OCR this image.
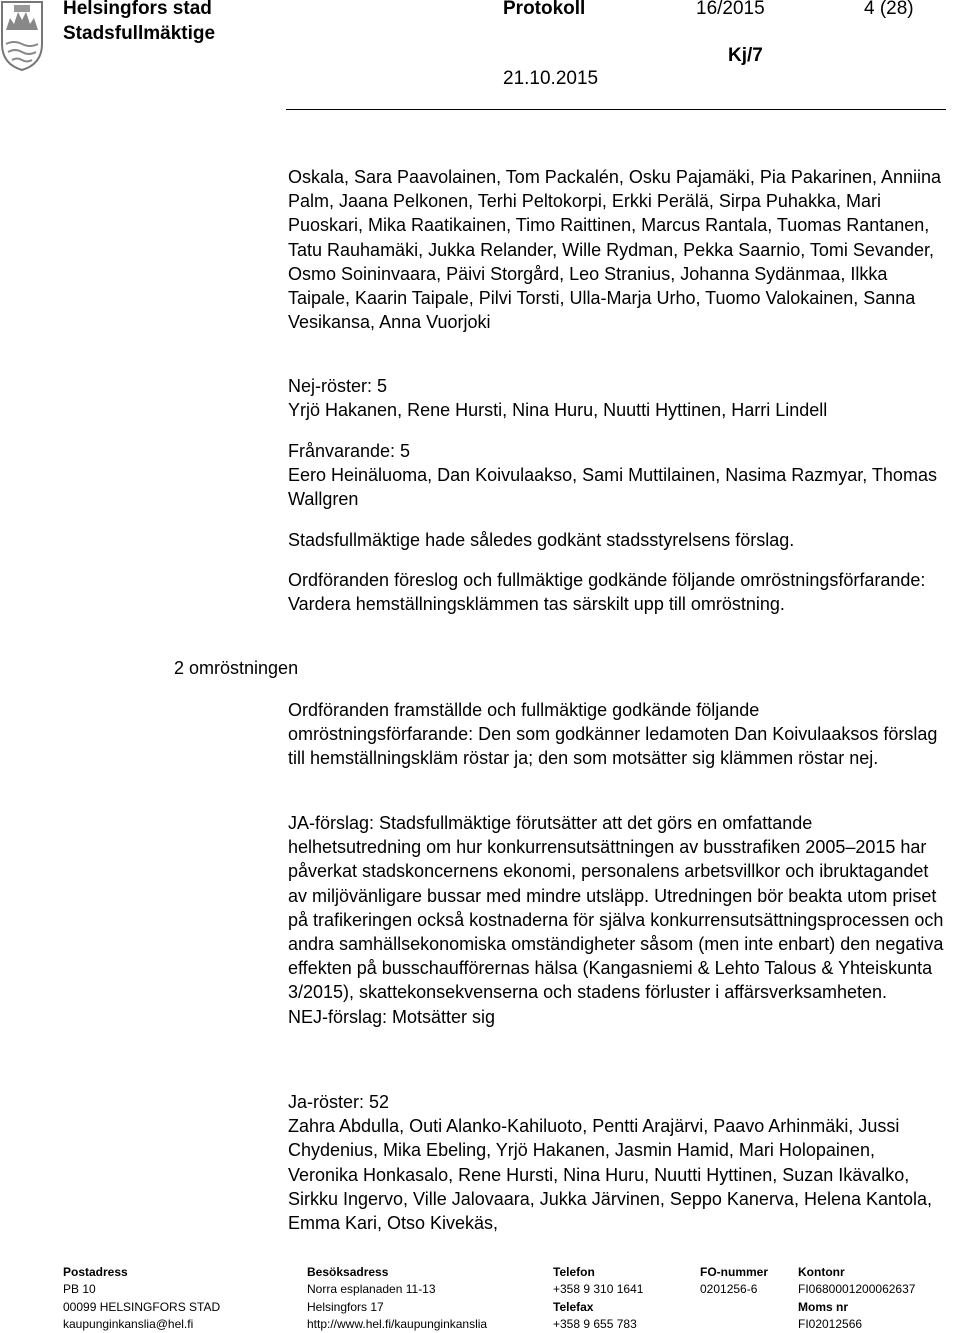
Helsingfors stad
Stadsfullmäktige
Protokoll	16/2015	4 (28)
Kj/7
21.10.2015
2 omröstningen

Oskala, Sara Paavolainen, Tom Packalén, Osku Pajamäki, Pia Pakarinen, Anniina Palm, Jaana Pelkonen, Terhi Peltokorpi, Erkki Perälä, Sirpa Puhakka, Mari Puoskari, Mika Raatikainen, Timo Raittinen, Marcus Rantala, Tuomas Rantanen, Tatu Rauhamäki, Jukka Relander, Wille Rydman, Pekka Saarnio, Tomi Sevander, Osmo Soininvaara, Päivi Storgård, Leo Stranius, Johanna Sydänmaa, Ilkka Taipale, Kaarin Taipale, Pilvi Torsti, Ulla-Marja Urho, Tuomo Valokainen, Sanna Vesikansa, Anna Vuorjoki

Nej-röster: 5

Yrjö Hakanen, Rene Hursti, Nina Huru, Nuutti Hyttinen, Harri Lindell

Frånvarande: 5

Eero Heinäluoma, Dan Koivulaakso, Sami Muttilainen, Nasima Razmyar, Thomas Wallgren

Stadsfullmäktige hade således godkänt stadsstyrelsens förslag.

Ordföranden föreslog och fullmäktige godkände följande omröstningsförfarande: Vardera hemställningsklämmen tas särskilt upp till omröstning.

Ordföranden framställde och fullmäktige godkände följande omröstningsförfarande: Den som godkänner ledamoten Dan Koivulaaksos förslag till hemställningskläm röstar ja; den som motsätter sig klämmen röstar nej.

JA-förslag: Stadsfullmäktige förutsätter att det görs en omfattande helhetsutredning om hur konkurrensutsättningen av busstrafiken 2005–2015 har påverkat stadskoncernens ekonomi, personalens arbetsvillkor och ibruktagandet av miljövänligare bussar med mindre utsläpp. Utredningen bör beakta utom priset på trafikeringen också kostnaderna för själva konkurrensutsättningsprocessen och andra samhällsekonomiska omständigheter såsom (men inte enbart) den negativa effekten på busschaufförernas hälsa (Kangasniemi & Lehto Talous & Yhteiskunta 3/2015), skattekonsekvenserna och stadens förluster i affärsverksamheten.

NEJ-förslag: Motsätter sig

Ja-röster: 52

Zahra Abdulla, Outi Alanko-Kahiluoto, Pentti Arajärvi, Paavo Arhinmäki, Jussi Chydenius, Mika Ebeling, Yrjö Hakanen, Jasmin Hamid, Mari Holopainen, Veronika Honkasalo, Rene Hursti, Nina Huru, Nuutti Hyttinen, Suzan Ikävalko, Sirkku Ingervo, Ville Jalovaara, Jukka Järvinen, Seppo Kanerva, Helena Kantola, Emma Kari, Otso Kivekäs,

Postadress
PB 10
00099 HELSINGFORS STAD
kaupunginkanslia@hel.fi
Besöksadress
Norra esplanaden 11-13
Helsingfors 17
http://www.hel.fi/kaupunginkanslia
Telefon
+358 9 310 1641
Telefax
+358 9 655 783
FO-nummer
0201256-6
Kontonr
FI0680001200062637
Moms nr
FI02012566
